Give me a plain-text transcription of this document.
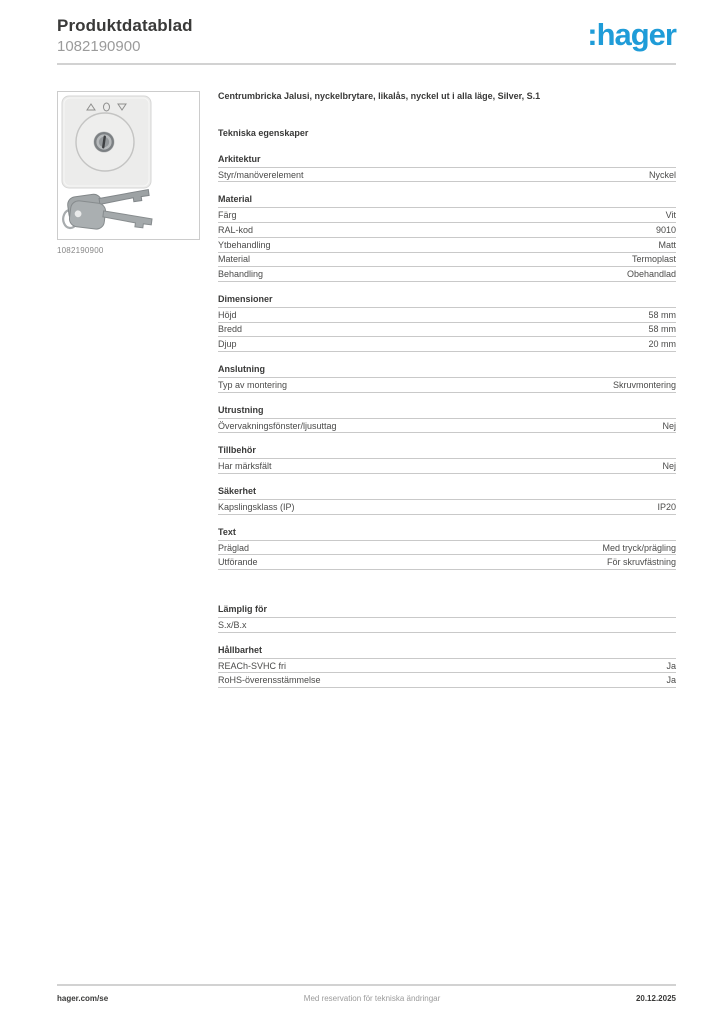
Produktdatablad
1082190900	:hager
1082190900

Centrumbricka Jalusi, nyckelbrytare, likalås, nyckel ut i alla läge, Silver, S.1

Tekniska egenskaper

Arkitektur
Styr/manöverelement	Nyckel
Material
Färg	Vit
RAL-kod	9010
Ytbehandling	Matt
Material	Termoplast
Behandling	Obehandlad
Dimensioner
Höjd	58 mm
Bredd	58 mm
Djup	20 mm
Anslutning
Typ av montering	Skruvmontering
Utrustning
Övervakningsfönster/ljusuttag	Nej
Tillbehör
Har märksfält	Nej
Säkerhet
Kapslingsklass (IP)	IP20
Text
Präglad	Med tryck/prägling
Utförande	För skruvfästning
Lämplig för
S.x/B.x
Hållbarhet
REACh-SVHC fri	Ja
RoHS-överensstämmelse	Ja
hager.com/se	Med reservation för tekniska ändringar	20.12.2025
